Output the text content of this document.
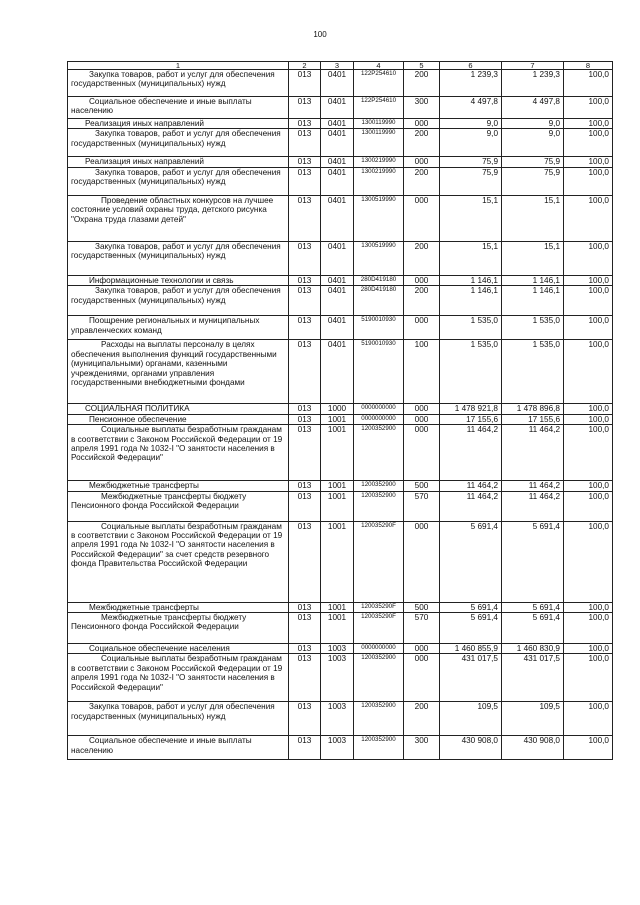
100
1	2	3	4	5	6	7	8
Закупка товаров, работ и услуг для обеспечения государственных (муниципальных) нужд	013	0401	122Р254610	200	1 239,3	1 239,3	100,0
Социальное обеспечение и иные выплаты населению	013	0401	122Р254610	300	4 497,8	4 497,8	100,0
Реализация иных направлений	013	0401	1300119990	000	9,0	9,0	100,0
Закупка товаров, работ и услуг для обеспечения государственных (муниципальных) нужд	013	0401	1300119990	200	9,0	9,0	100,0
Реализация иных направлений	013	0401	1300219990	000	75,9	75,9	100,0
Закупка товаров, работ и услуг для обеспечения государственных (муниципальных) нужд	013	0401	1300219990	200	75,9	75,9	100,0
Проведение областных конкурсов на лучшее состояние условий охраны труда, детского рисунка "Охрана труда глазами детей"	013	0401	1300519990	000	15,1	15,1	100,0
Закупка товаров, работ и услуг для обеспечения государственных (муниципальных) нужд	013	0401	1300519990	200	15,1	15,1	100,0
Информационные технологии и связь	013	0401	280D419180	000	1 146,1	1 146,1	100,0
Закупка товаров, работ и услуг для обеспечения государственных (муниципальных) нужд	013	0401	280D419180	200	1 146,1	1 146,1	100,0
Поощрение региональных и муниципальных управленческих команд	013	0401	5190010930	000	1 535,0	1 535,0	100,0
Расходы на выплаты персоналу в целях обеспечения выполнения функций государственными (муниципальными) органами, казенными учреждениями, органами управления государственными внебюджетными фондами	013	0401	5190010930	100	1 535,0	1 535,0	100,0
СОЦИАЛЬНАЯ ПОЛИТИКА	013	1000	0000000000	000	1 478 921,8	1 478 896,8	100,0
Пенсионное обеспечение	013	1001	0000000000	000	17 155,6	17 155,6	100,0
Социальные выплаты безработным гражданам в соответствии с Законом Российской Федерации от 19 апреля 1991 года № 1032-I "О занятости населения в Российской Федерации"	013	1001	1200352900	000	11 464,2	11 464,2	100,0
Межбюджетные трансферты	013	1001	1200352900	500	11 464,2	11 464,2	100,0
Межбюджетные трансферты бюджету Пенсионного фонда Российской Федерации	013	1001	1200352900	570	11 464,2	11 464,2	100,0
Социальные выплаты безработным гражданам в соответствии с Законом Российской Федерации от 19 апреля 1991 года № 1032-I "О занятости населения в Российской Федерации" за счет средств резервного фонда Правительства Российской Федерации	013	1001	120035290F	000	5 691,4	5 691,4	100,0
Межбюджетные трансферты	013	1001	120035290F	500	5 691,4	5 691,4	100,0
Межбюджетные трансферты бюджету Пенсионного фонда Российской Федерации	013	1001	120035290F	570	5 691,4	5 691,4	100,0
Социальное обеспечение населения	013	1003	0000000000	000	1 460 855,9	1 460 830,9	100,0
Социальные выплаты безработным гражданам в соответствии с Законом Российской Федерации от 19 апреля 1991 года № 1032-I "О занятости населения в Российской Федерации"	013	1003	1200352900	000	431 017,5	431 017,5	100,0
Закупка товаров, работ и услуг для обеспечения государственных (муниципальных) нужд	013	1003	1200352900	200	109,5	109,5	100,0
Социальное обеспечение и иные выплаты населению	013	1003	1200352900	300	430 908,0	430 908,0	100,0
